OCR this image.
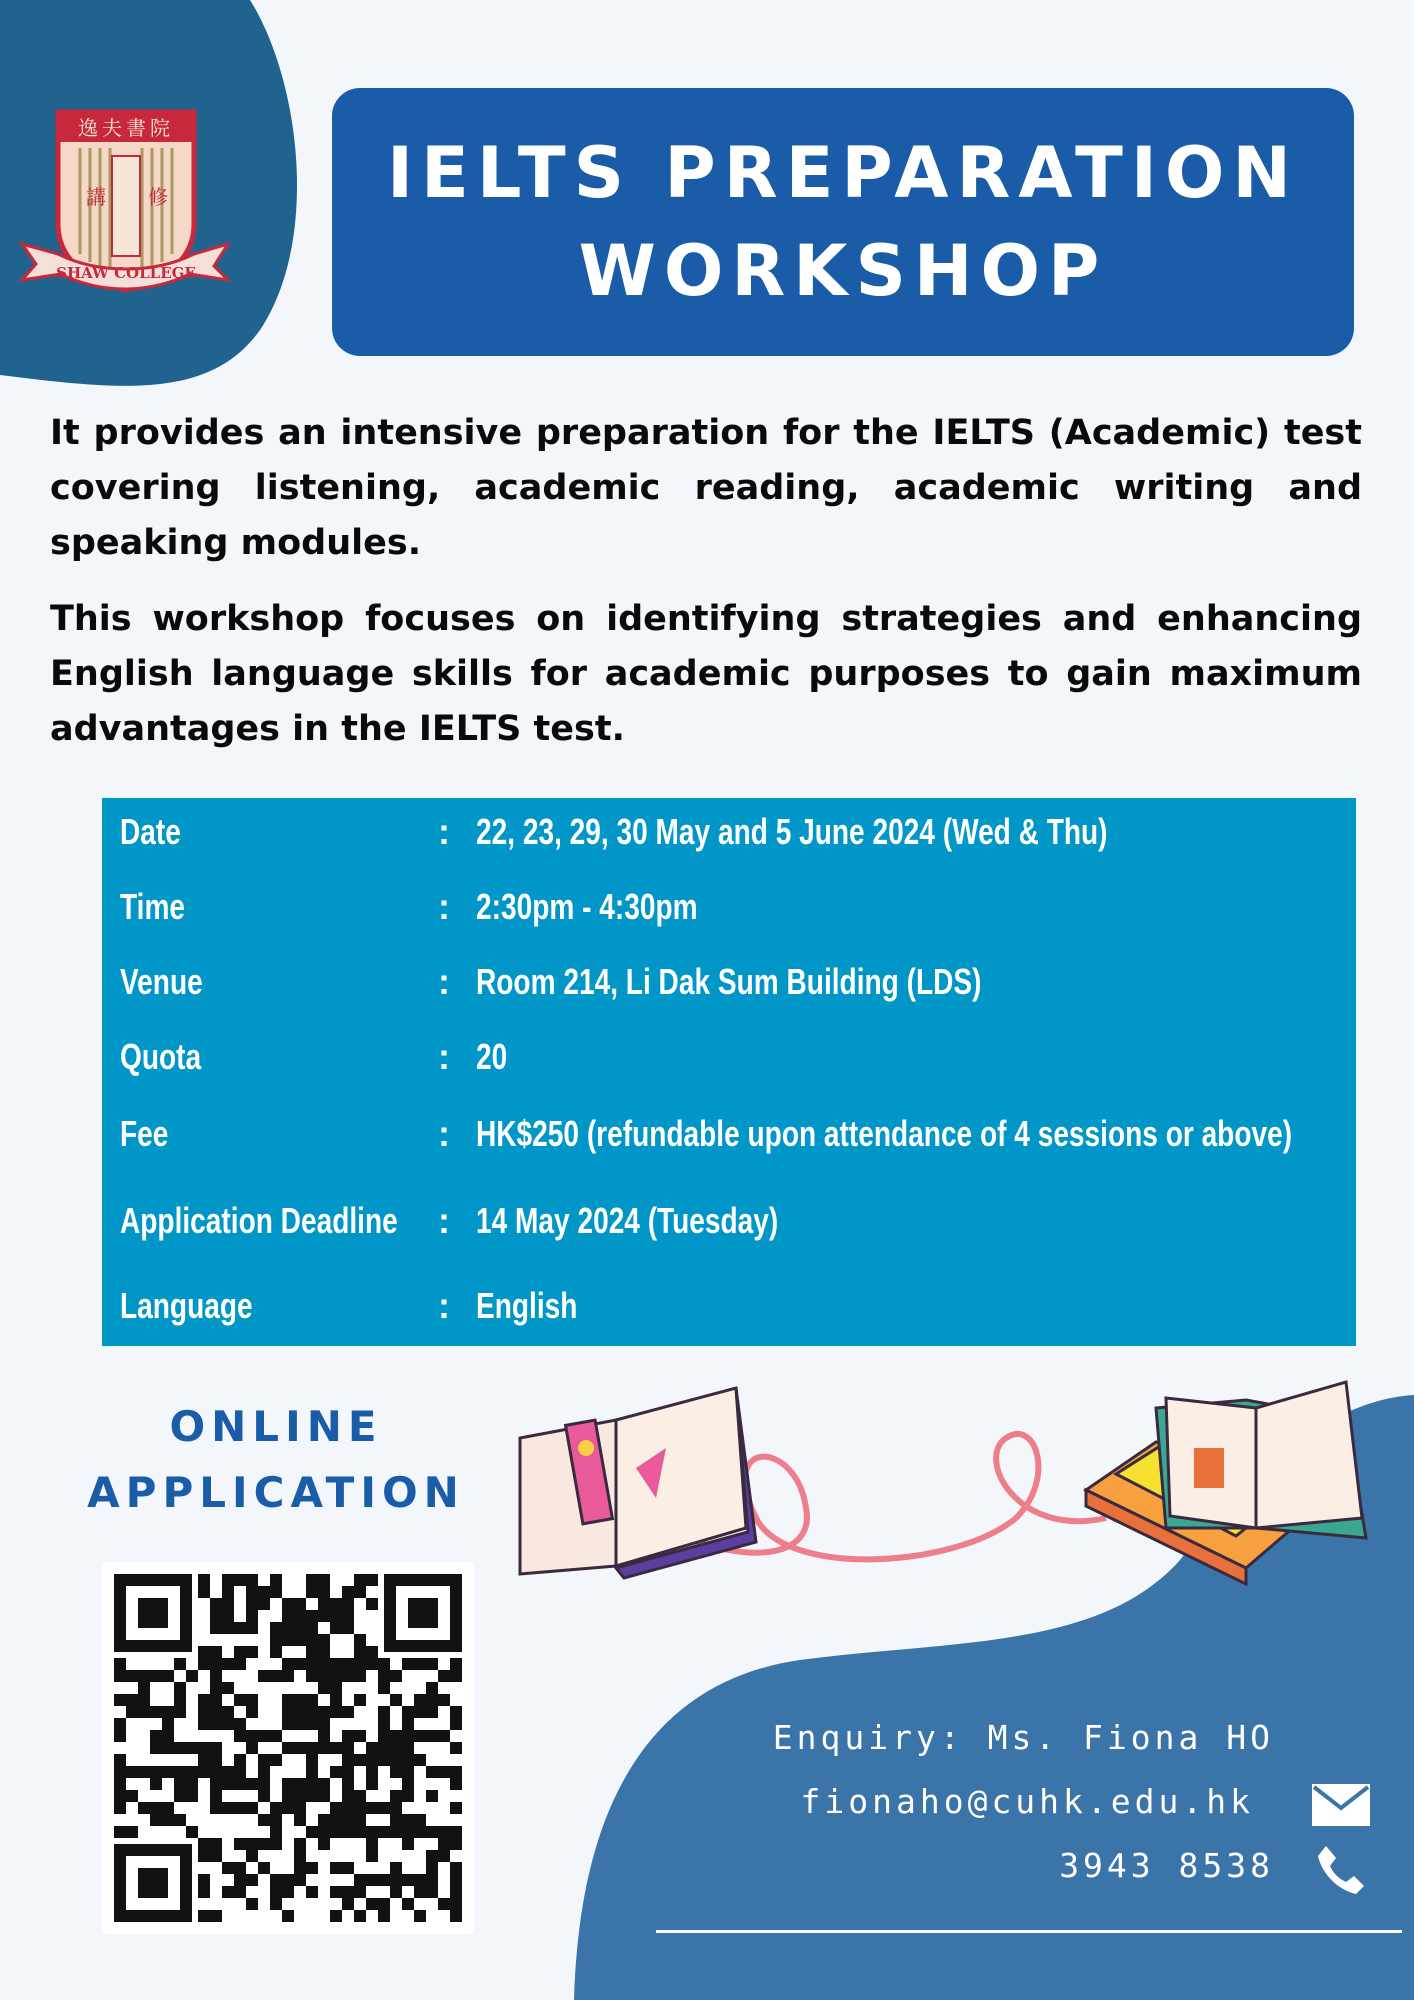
逸夫書院
講 修
SHAW COLLEGE
IELTS PREPARATION
WORKSHOP
It provides an intensive preparation for the IELTS (Academic) test covering listening, academic reading, academic writing and speaking modules.
This workshop focuses on identifying strategies and enhancing English language skills for academic purposes to gain maximum advantages in the IELTS test.
Date	: 22, 23, 29, 30 May and 5 June 2024 (Wed & Thu)
Time	: 2:30pm - 4:30pm
Venue	: Room 214, Li Dak Sum Building (LDS)
Quota	: 20
Fee	: HK$250 (refundable upon attendance of 4 sessions or above)
Application Deadline : 14 May 2024 (Tuesday)
Language	: English
ONLINE
APPLICATION
Enquiry: Ms. Fiona HO
fionaho@cuhk.edu.hk
3943 8538
